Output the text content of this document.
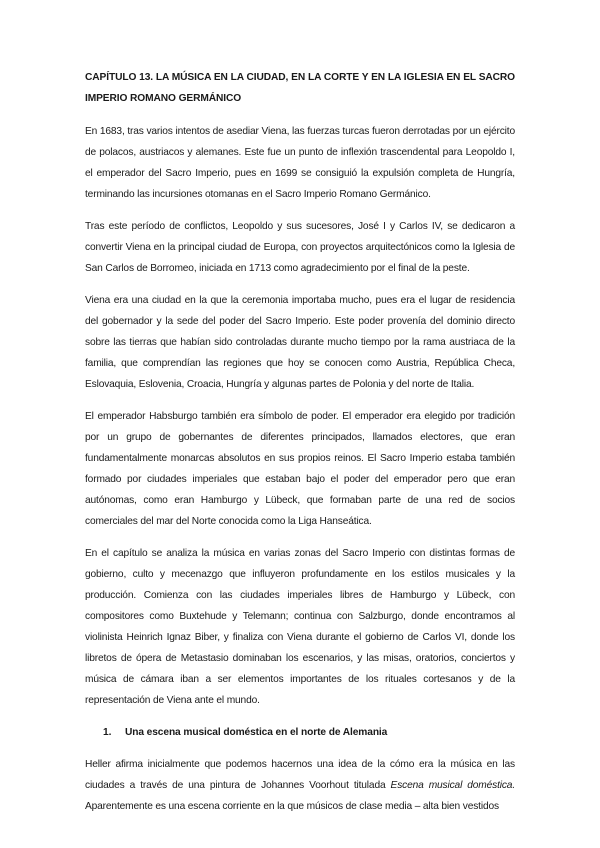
CAPÍTULO 13. LA MÚSICA EN LA CIUDAD, EN LA CORTE Y EN LA IGLESIA EN EL SACRO IMPERIO ROMANO GERMÁNICO

En 1683, tras varios intentos de asediar Viena, las fuerzas turcas fueron derrotadas por un ejército de polacos, austriacos y alemanes. Este fue un punto de inflexión trascendental para Leopoldo I, el emperador del Sacro Imperio, pues en 1699 se consiguió la expulsión completa de Hungría, terminando las incursiones otomanas en el Sacro Imperio Romano Germánico.

Tras este período de conflictos, Leopoldo y sus sucesores, José I y Carlos IV, se dedicaron a convertir Viena en la principal ciudad de Europa, con proyectos arquitectónicos como la Iglesia de San Carlos de Borromeo, iniciada en 1713 como agradecimiento por el final de la peste.

Viena era una ciudad en la que la ceremonia importaba mucho, pues era el lugar de residencia del gobernador y la sede del poder del Sacro Imperio. Este poder provenía del dominio directo sobre las tierras que habían sido controladas durante mucho tiempo por la rama austriaca de la familia, que comprendían las regiones que hoy se conocen como Austria, República Checa, Eslovaquia, Eslovenia, Croacia, Hungría y algunas partes de Polonia y del norte de Italia.

El emperador Habsburgo también era símbolo de poder. El emperador era elegido por tradición por un grupo de gobernantes de diferentes principados, llamados electores, que eran fundamentalmente monarcas absolutos en sus propios reinos. El Sacro Imperio estaba también formado por ciudades imperiales que estaban bajo el poder del emperador pero que eran autónomas, como eran Hamburgo y Lübeck, que formaban parte de una red de socios comerciales del mar del Norte conocida como la Liga Hanseática.

En el capítulo se analiza la música en varias zonas del Sacro Imperio con distintas formas de gobierno, culto y mecenazgo que influyeron profundamente en los estilos musicales y la producción. Comienza con las ciudades imperiales libres de Hamburgo y Lübeck, con compositores como Buxtehude y Telemann; continua con Salzburgo, donde encontramos al violinista Heinrich Ignaz Biber, y finaliza con Viena durante el gobierno de Carlos VI, donde los libretos de ópera de Metastasio dominaban los escenarios, y las misas, oratorios, conciertos y música de cámara iban a ser elementos importantes de los rituales cortesanos y de la representación de Viena ante el mundo.

1.	Una escena musical doméstica en el norte de Alemania

Heller afirma inicialmente que podemos hacernos una idea de la cómo era la música en las ciudades a través de una pintura de Johannes Voorhout titulada Escena musical doméstica. Aparentemente es una escena corriente en la que músicos de clase media – alta bien vestidos
